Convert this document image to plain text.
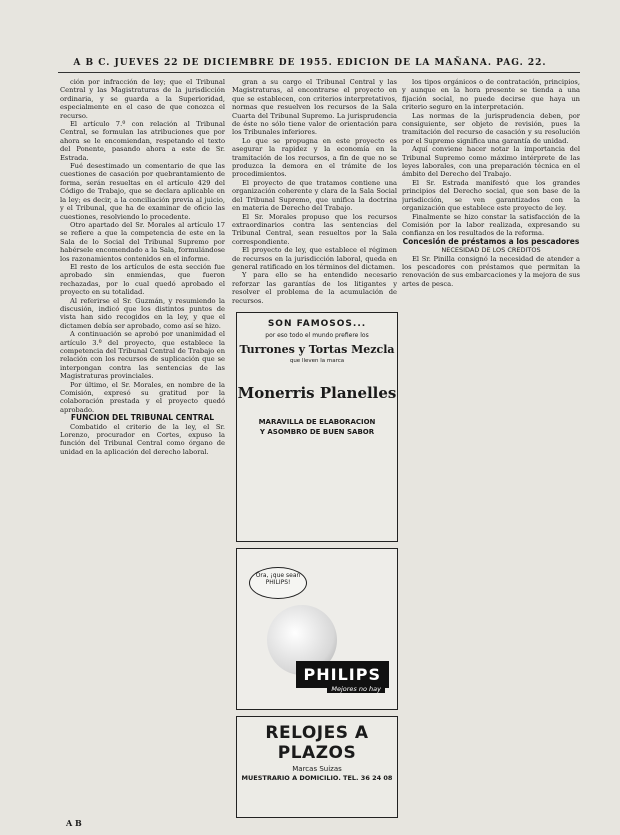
A B C. JUEVES 22 DE DICIEMBRE DE 1955. EDICION DE LA MAÑANA. PAG. 22.

ción por infracción de ley; que el Tribunal Central y las Magistraturas de la jurisdicción ordinaria, y se guarda a la Superioridad, especialmente en el caso de que conozca el recurso.

El artículo 7.º con relación al Tribunal Central, se formulan las atribuciones que por ahora se le encomiendan, respetando el texto del Ponente, pasando ahora a este de Sr. Estrada.

Fué desestimado un comentario de que las cuestiones de casación por quebrantamiento de forma, serán resueltas en el artículo 429 del Código de Trabajo, que se declara aplicable en la ley; es decir, a la conciliación previa al juicio, y el Tribunal, que ha de examinar de oficio las cuestiones, resolviendo lo procedente.

Otro apartado del Sr. Morales al artículo 17 se refiere a que la competencia de este en la Sala de lo Social del Tribunal Supremo por habérsele encomendado a la Sala, formulándose los razonamientos contenidos en el informe.

El resto de los artículos de esta sección fue aprobado sin enmiendas, que fueron rechazadas, por lo cual quedó aprobado el proyecto en su totalidad.

Al referirse el Sr. Guzmán, y resumiendo la discusión, indicó que los distintos puntos de vista han sido recogidos en la ley, y que el dictamen debía ser aprobado, como así se hizo.

A continuación se aprobó por unanimidad el artículo 3.º del proyecto, que establece la competencia del Tribunal Central de Trabajo en relación con los recursos de suplicación que se interpongan contra las sentencias de las Magistraturas provinciales.

Por último, el Sr. Morales, en nombre de la Comisión, expresó su gratitud por la colaboración prestada y el proyecto quedó aprobado.

FUNCION DEL TRIBUNAL CENTRAL

Combatido el criterio de la ley, el Sr. Lorenzo, procurador en Cortes, expuso la función del Tribunal Central como órgano de unidad en la aplicación del derecho laboral.

gran a su cargo el Tribunal Central y las Magistraturas, al encontrarse el proyecto en que se establecen, con criterios interpretativos, normas que resuelven los recursos de la Sala Cuarta del Tribunal Supremo. La jurisprudencia de éste no sólo tiene valor de orientación para los Tribunales inferiores.

Lo que se propugna en este proyecto es asegurar la rapidez y la economía en la tramitación de los recursos, a fin de que no se produzca la demora en el trámite de los procedimientos.

El proyecto de que tratamos contiene una organización coherente y clara de la Sala Social del Tribunal Supremo, que unifica la doctrina en materia de Derecho del Trabajo.

El Sr. Morales propuso que los recursos extraordinarios contra las sentencias del Tribunal Central, sean resueltos por la Sala correspondiente.

El proyecto de ley, que establece el régimen de recursos en la jurisdicción laboral, queda en general ratificado en los términos del dictamen.

Y para ello se ha entendido necesario reforzar las garantías de los litigantes y resolver el problema de la acumulación de recursos.

SON FAMOSOS...
por eso todo el mundo prefiere los
Turrones y Tortas Mezcla
que lleven la marca
Monerris Planelles
MARAVILLA DE ELABORACION
Y ASOMBRO DE BUEN SABOR
Ora, ¡que sean PHILIPS!
PHILIPS
Mejores no hay
RELOJES A PLAZOS
Marcas Suizas
MUESTRARIO A DOMICILIO. TEL. 36 24 08

los tipos orgánicos o de contratación, principios, y aunque en la hora presente se tienda a una fijación social, no puede decirse que haya un criterio seguro en la interpretación.

Las normas de la jurisprudencia deben, por consiguiente, ser objeto de revisión, pues la tramitación del recurso de casación y su resolución por el Supremo significa una garantía de unidad.

Aquí conviene hacer notar la importancia del Tribunal Supremo como máximo intérprete de las leyes laborales, con una preparación técnica en el ámbito del Derecho del Trabajo.

El Sr. Estrada manifestó que los grandes principios del Derecho social, que son base de la jurisdicción, se ven garantizados con la organización que establece este proyecto de ley.

Finalmente se hizo constar la satisfacción de la Comisión por la labor realizada, expresando su confianza en los resultados de la reforma.

Concesión de préstamos a los pescadores

NECESIDAD DE LOS CREDITOS

El Sr. Pinilla consignó la necesidad de atender a los pescadores con préstamos que permitan la renovación de sus embarcaciones y la mejora de sus artes de pesca.

A B
